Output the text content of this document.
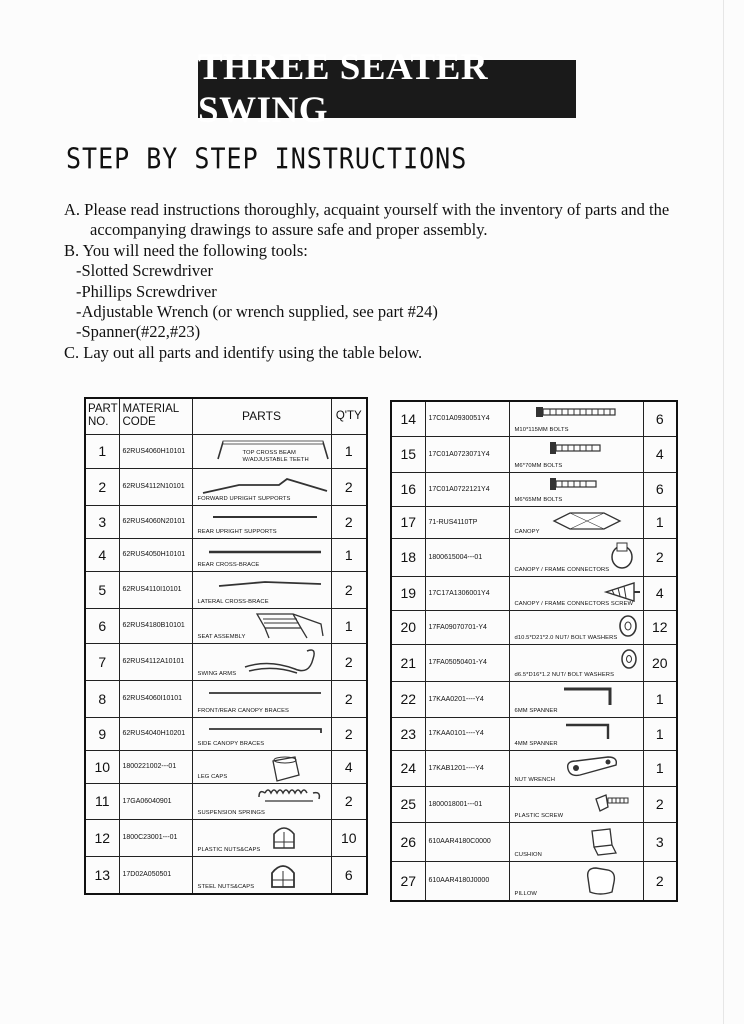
THREE SEATER SWING
STEP BY STEP INSTRUCTIONS
A. Please read instructions thoroughly, acquaint yourself with the inventory of parts and the
accompanying drawings to assure safe and proper assembly.
B. You will need the following tools:
-Slotted Screwdriver
-Phillips Screwdriver
-Adjustable Wrench (or wrench supplied, see part #24)
-Spanner(#22,#23)
C. Lay out all parts and identify using the table below.
PART NO.	MATERIAL CODE	PARTS	Q'TY
1	62RUS4060H10101	TOP CROSS BEAM W/ADJUSTABLE TEETH	1
2	62RUS4112N10101	FORWARD UPRIGHT SUPPORTS	2
3	62RUS4060N20101	REAR UPRIGHT SUPPORTS	2
4	62RUS4050H10101	REAR CROSS-BRACE	1
5	62RUS4110I10101	LATERAL CROSS-BRACE	2
6	62RUS4180B10101	SEAT ASSEMBLY	1
7	62RUS4112A10101	SWING ARMS	2
8	62RUS4060I10101	FRONT/REAR CANOPY BRACES	2
9	62RUS4040H10201	SIDE CANOPY BRACES	2
10	1800221002---01	LEG CAPS	4
11	17GA06040901	SUSPENSION SPRINGS	2
12	1800C23001---01	PLASTIC NUTS&CAPS	10
13	17D02A050501	STEEL NUTS&CAPS	6
14	17C01A0930051Y4	M10*115MM BOLTS	6
15	17C01A0723071Y4	M6*70MM BOLTS	4
16	17C01A0722121Y4	M6*65MM BOLTS	6
17	71-RUS4110TP	CANOPY	1
18	1800615004---01	CANOPY / FRAME CONNECTORS	2
19	17C17A1306001Y4	CANOPY / FRAME CONNECTORS SCREW	4
20	17FA09070701-Y4	d10.5*D21*2.0 NUT/ BOLT WASHERS	12
21	17FA05050401-Y4	d6.5*D16*1.2 NUT/ BOLT WASHERS	20
22	17KAA0201----Y4	6MM SPANNER	1
23	17KAA0101----Y4	4MM SPANNER	1
24	17KAB1201----Y4	NUT WRENCH	1
25	1800018001---01	PLASTIC SCREW	2
26	610AAR4180C0000	CUSHION	3
27	610AAR4180J0000	PILLOW	2
